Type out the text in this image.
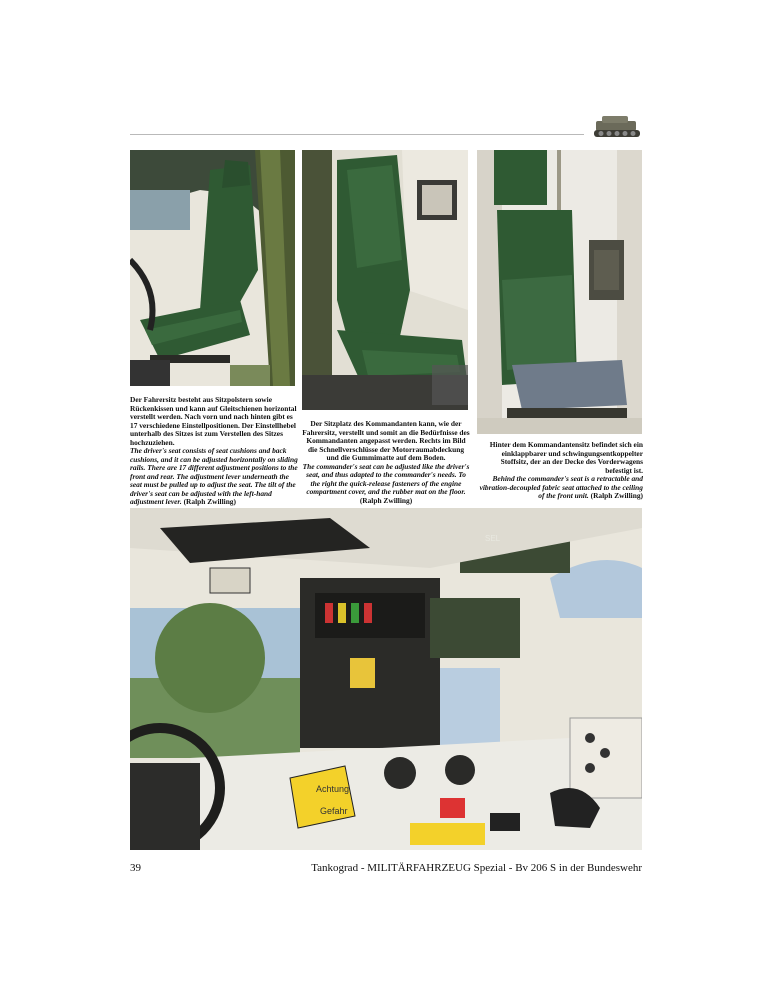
Achtung
Gefahr
SEL
Der Fahrersitz besteht aus Sitzpolstern sowie Rückenkissen und kann auf Gleitschienen horizontal verstellt werden. Nach vorn und nach hinten gibt es 17 verschiedene Einstellpositionen. Der Einstellhebel unterhalb des Sitzes ist zum Verstellen des Sitzes hochzuziehen.
The driver's seat consists of seat cushions and back cushions, and it can be adjusted horizontally on sliding rails. There are 17 different adjustment positions to the front and rear. The adjustment lever underneath the seat must be pulled up to adjust the seat. The tilt of the driver's seat can be adjusted with the left-hand adjustment lever. (Ralph Zwilling)
Der Sitzplatz des Kommandanten kann, wie der Fahrersitz, verstellt und somit an die Bedürfnisse des Kommandanten angepasst werden. Rechts im Bild die Schnellverschlüsse der Motorraumabdeckung und die Gummimatte auf dem Boden.
The commander's seat can be adjusted like the driver's seat, and thus adapted to the commander's needs. To the right the quick-release fasteners of the engine compartment cover, and the rubber mat on the floor.
(Ralph Zwilling)
Hinter dem Kommandantensitz befindet sich ein einklappbarer und schwingungsentkoppelter Stoffsitz, der an der Decke des Vorderwagens befestigt ist.
Behind the commander's seat is a retractable and vibration-decoupled fabric seat attached to the ceiling of the front unit. (Ralph Zwilling)
39	Tankograd - MILITÄRFAHRZEUG Spezial - Bv 206 S in der Bundeswehr
